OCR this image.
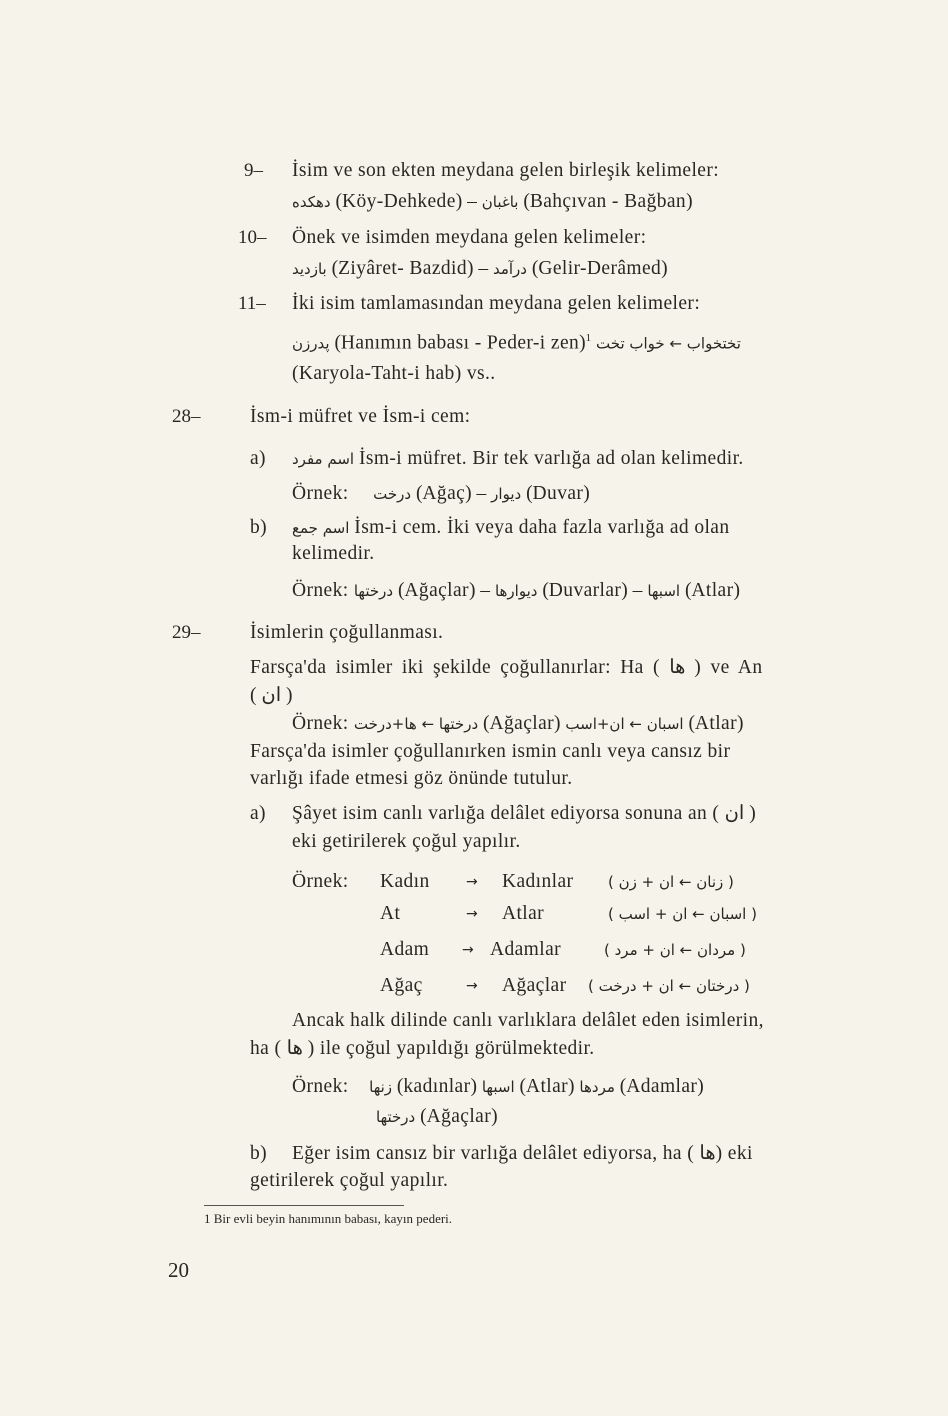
9– İsim ve son ekten meydana gelen birleşik kelimeler:
دهکده (Köy-Dehkede) – باغبان (Bahçıvan - Bağban)
10– Önek ve isimden meydana gelen kelimeler:
بازديد (Ziyâret- Bazdid) – درآمد (Gelir-Derâmed)
11– İki isim tamlamasından meydana gelen kelimeler:
پدرزن (Hanımın babası - Peder-i zen)$^1$ تختخواب ← خواب تخت
(Karyola-Taht-i hab) vs..
28–	İsm-i müfret ve İsm-i cem:
a) اسم مفرد İsm-i müfret. Bir tek varlığa ad olan kelimedir.
Örnek: درخت (Ağaç) – ديوار (Duvar)
b) اسم جمع İsm-i cem. İki veya daha fazla varlığa ad olan
kelimedir.
Örnek: درختها (Ağaçlar) – ديوارها (Duvarlar) – اسبها (Atlar)
29–	İsimlerin çoğullanması.
Farsça'da isimler iki şekilde çoğullanırlar: Ha ( ها ) ve An
( ان )
Örnek: درختها ← ها+درخت (Ağaçlar) اسبان ← ان+اسب (Atlar)
Farsça'da isimler çoğullanırken ismin canlı veya cansız bir
varlığı ifade etmesi göz önünde tutulur.
a) Şâyet isim canlı varlığa delâlet ediyorsa sonuna an ( ان )
eki getirilerek çoğul yapılır.
Örnek: Kadın	→ Kadınlar ( زنان ← ان + زن )
At	→ Atlar	( اسبان ← ان + اسب )
Adam → Adamlar	( مردان ← ان + مرد )
Ağaç	→ Ağaçlar ( درختان ← ان + درخت )
Ancak halk dilinde canlı varlıklara delâlet eden isimlerin,
ha ( ها ) ile çoğul yapıldığı görülmektedir.
Örnek: زنها (kadınlar) اسبها (Atlar) مردها (Adamlar)
درختها (Ağaçlar)
b) Eğer isim cansız bir varlığa delâlet ediyorsa, ha ( ها) eki
getirilerek çoğul yapılır.
1 Bir evli beyin hanımının babası, kayın pederi.
20
